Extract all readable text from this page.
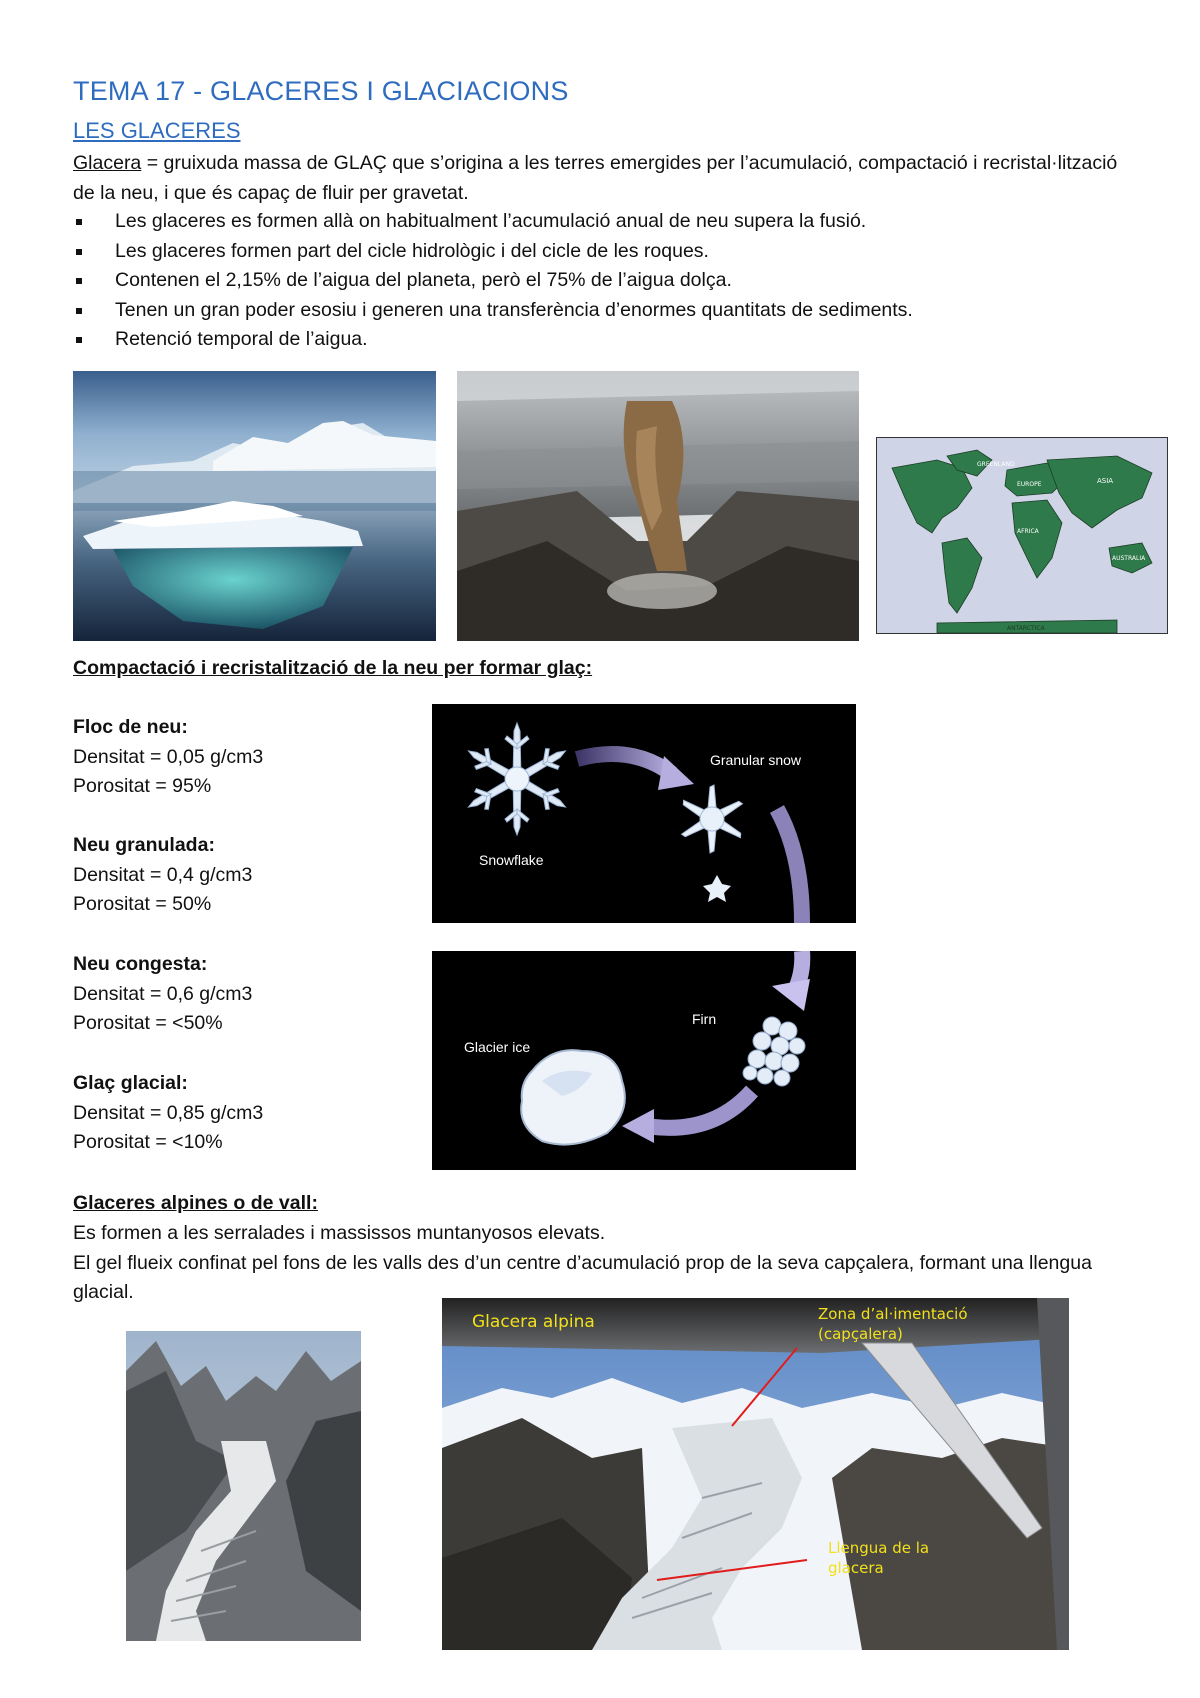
TEMA 17 - GLACERES I GLACIACIONS
LES GLACERES
Glacera = gruixuda massa de GLAÇ que s’origina a les terres emergides per l’acumulació, compactació i recristal·lització de la neu, i que és capaç de fluir per gravetat.
Les glaceres es formen allà on habitualment l’acumulació anual de neu supera la fusió.
Les glaceres formen part del cicle hidrològic i del cicle de les roques.
Contenen el 2,15% de l’aigua del planeta, però el 75% de l’aigua dolça.
Tenen un gran poder esosiu i generen una transferència d’enormes quantitats de sediments.
Retenció temporal de l’aigua.
GREENLAND
ASIA
EUROPE
AFRICA
AUSTRALIA
ANTARCTICA
Compactació i recristalització de la neu per formar glaç:
Floc de neu:
Densitat = 0,05 g/cm3
Porositat = 95%
Neu granulada:
Densitat = 0,4 g/cm3
Porositat = 50%
Neu congesta:
Densitat = 0,6 g/cm3
Porositat = <50%
Glaç glacial:
Densitat = 0,85 g/cm3
Porositat = <10%
Granular snow
Snowflake
Firn
Glacier ice
Glaceres alpines o de vall:
Es formen a les serralades i massissos muntanyosos elevats.
El gel flueix confinat pel fons de les valls des d’un centre d’acumulació prop de la seva capçalera, formant una llengua glacial.
Glacera alpina	Zona d’al·imentació
(capçalera)
Llengua de la
glacera
